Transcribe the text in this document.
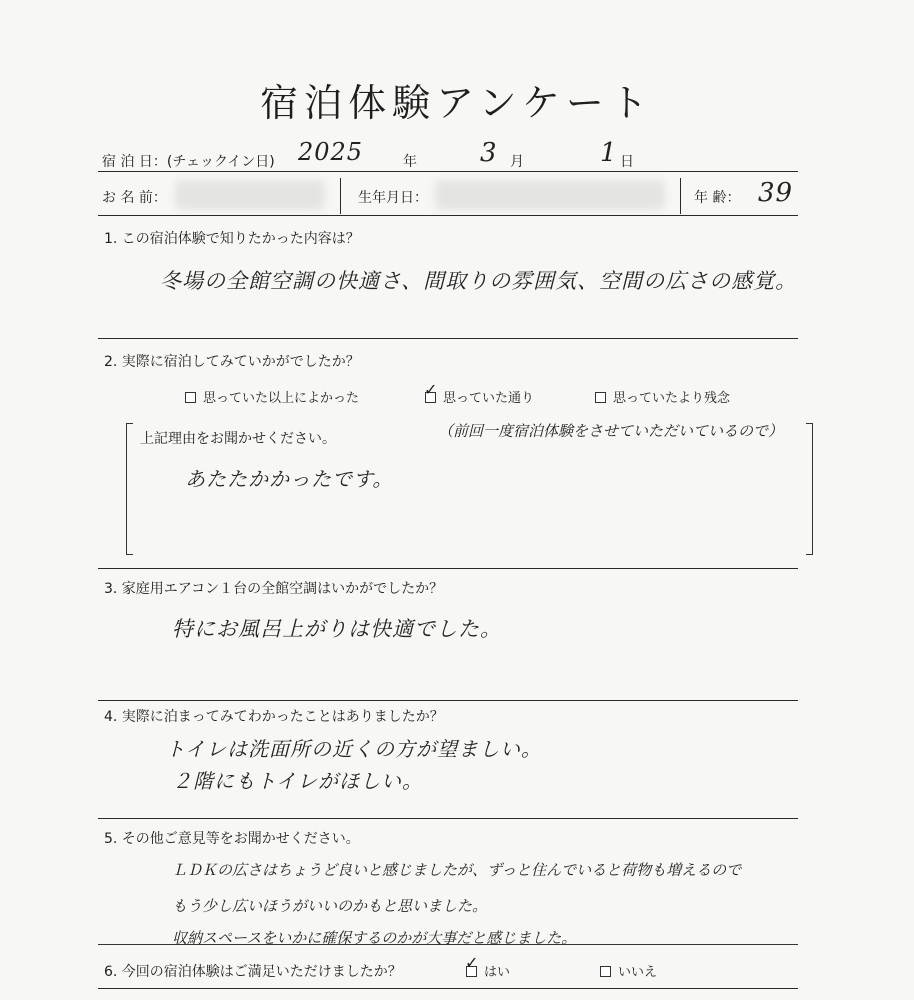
宿泊体験アンケート
宿 泊 日：(チェックイン日) 2025	年 3 月	1 日
お 名 前：	生年月日：	年 齢： 39
1. この宿泊体験で知りたかった内容は？
冬場の全館空調の快適さ、間取りの雰囲気、空間の広さの感覚。
2. 実際に宿泊してみていかがでしたか？
思っていた以上によかった	思っていた通り
✓	思っていたより残念
上記理由をお聞かせください。	（前回一度宿泊体験をさせていただいているので）
あたたかかったです。
3. 家庭用エアコン１台の全館空調はいかがでしたか？
特にお風呂上がりは快適でした。
4. 実際に泊まってみてわかったことはありましたか？
トイレは洗面所の近くの方が望ましい。
２階にもトイレがほしい。
5. その他ご意見等をお聞かせください。
ＬＤＫの広さはちょうど良いと感じましたが、ずっと住んでいると荷物も増えるので
もう少し広いほうがいいのかもと思いました。
収納スペースをいかに確保するのかが大事だと感じました。
6. 今回の宿泊体験はご満足いただけましたか？	はい
✓
いいえ
